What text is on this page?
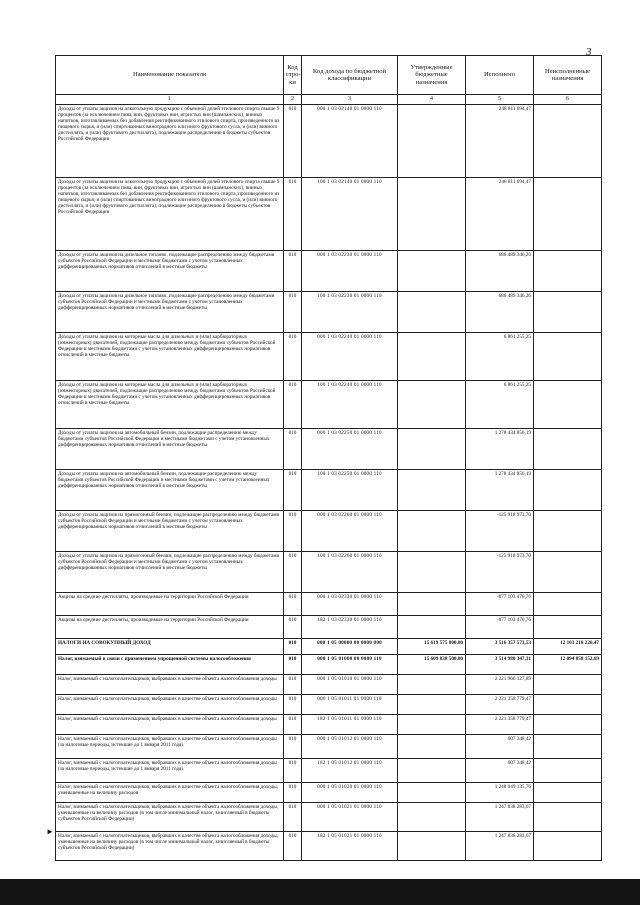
3
Наименование показателя	Код стро- ки	Код дохода по бюджетной классификации	Утвержденные бюджетные назначения	Исполнено	Неисполненные назначения
1	2	3	4	5	6
Доходы от уплаты акцизов на алкогольную продукцию с объемной долей этилового спирта свыше 9 процентов (за исключением пива, вин, фруктовых вин, игристых вин (шампанских), винных напитков, изготавливаемых без добавления ректификованного этилового спирта, произведенного из пищевого сырья, и (или) спиртованных виноградного или иного фруктового сусла, и (или) винного дистиллята, и (или) фруктового дистиллята), подлежащие распределению в бюджеты субъектов Российской Федерации	010	000 1 03 02140 01 0000 110		248 811 694,47	
Доходы от уплаты акцизов на алкогольную продукцию с объемной долей этилового спирта свыше 9 процентов (за исключением пива, вин, фруктовых вин, игристых вин (шампанских), винных напитков, изготавливаемых без добавления ректификованного этилового спирта, произведенного из пищевого сырья, и (или) спиртованных виноградного или иного фруктового сусла, и (или) винного дистиллята, и (или) фруктового дистиллята), подлежащие распределению в бюджеты субъектов Российской Федерации	010	100 1 03 02140 01 0000 110		248 811 694,47	
Доходы от уплаты акцизов на дизельное топливо, подлежащие распределению между бюджетами субъектов Российской Федерации и местными бюджетами с учетом установленных дифференцированных нормативов отчислений в местные бюджеты	010	000 1 03 02230 01 0000 110		686 489 346,26	
Доходы от уплаты акцизов на дизельное топливо, подлежащие распределению между бюджетами субъектов Российской Федерации и местными бюджетами с учетом установленных дифференцированных нормативов отчислений в местные бюджеты	010	100 1 03 02230 01 0000 110		686 489 346,26	
Доходы от уплаты акцизов на моторные масла для дизельных и (или) карбюраторных (инжекторных) двигателей, подлежащие распределению между бюджетами субъектов Российской Федерации и местными бюджетами с учетом установленных дифференцированных нормативов отчислений в местные бюджеты	010	000 1 03 02240 01 0000 110		6 861 255,25	
Доходы от уплаты акцизов на моторные масла для дизельных и (или) карбюраторных (инжекторных) двигателей, подлежащие распределению между бюджетами субъектов Российской Федерации и местными бюджетами с учетом установленных дифференцированных нормативов отчислений в местные бюджеты	010	100 1 03 02240 01 0000 110		6 861 255,25	
Доходы от уплаты акцизов на автомобильный бензин, подлежащие распределению между бюджетами субъектов Российской Федерации и местными бюджетами с учетом установленных дифференцированных нормативов отчислений в местные бюджеты	010	000 1 03 02250 01 0000 110		1 278 434 856,19	
Доходы от уплаты акцизов на автомобильный бензин, подлежащие распределению между бюджетами субъектов Российской Федерации и местными бюджетами с учетом установленных дифференцированных нормативов отчислений в местные бюджеты	010	100 1 03 02250 01 0000 110		1 278 434 856,19	
Доходы от уплаты акцизов на прямогонный бензин, подлежащие распределению между бюджетами субъектов Российской Федерации и местными бюджетами с учетом установленных дифференцированных нормативов отчислений в местные бюджеты	010	000 1 03 02260 01 0000 110		-125 918 973,70	
Доходы от уплаты акцизов на прямогонный бензин, подлежащие распределению между бюджетами субъектов Российской Федерации и местными бюджетами с учетом установленных дифференцированных нормативов отчислений в местные бюджеты	010	100 1 03 02260 01 0000 110		-125 918 973,70	
Акцизы на средние дистилляты, производимые на территории Российской Федерации	010	000 1 03 02330 01 0000 110		-877 103 470,76	
Акцизы на средние дистилляты, производимые на территории Российской Федерации	010	182 1 03 02330 01 0000 110		-877 103 470,76	
НАЛОГИ НА СОВОКУПНЫЙ ДОХОД	010	000 1 05 00000 00 0000 000	15 619 575 800,00	3 516 357 573,53	12 103 218 226,47
Налог, взимаемый в связи с применением упрощенной системы налогообложения	010	000 1 05 01000 00 0000 110	15 609 838 500,00	3 514 980 347,31	12 094 858 152,69
Налог, взимаемый с налогоплательщиков, выбравших в качестве объекта налогообложения доходы	010	000 1 05 01010 01 0000 110		2 221 966 127,89	
Налог, взимаемый с налогоплательщиков, выбравших в качестве объекта налогообложения доходы	010	000 1 05 01011 01 0000 110		2 221 358 779,47	
Налог, взимаемый с налогоплательщиков, выбравших в качестве объекта налогообложения доходы	010	182 1 05 01011 01 0000 110		2 221 358 779,47	
Налог, взимаемый с налогоплательщиков, выбравших в качестве объекта налогообложения доходы (за налоговые периоды, истекшие до 1 января 2011 года)	010	000 1 05 01012 01 0000 110		607 348,42	
Налог, взимаемый с налогоплательщиков, выбравших в качестве объекта налогообложения доходы (за налоговые периоды, истекшие до 1 января 2011 года)	010	182 1 05 01012 01 0000 110		607 348,42	
Налог, взимаемый с налогоплательщиков, выбравших в качестве объекта налогообложения доходы, уменьшенные на величину расходов	010	000 1 05 01020 01 0000 110		1 248 049 135,76	
Налог, взимаемый с налогоплательщиков, выбравших в качестве объекта налогообложения доходы, уменьшенные на величину расходов (в том числе минимальный налог, зачисляемый в бюджеты субъектов Российской Федерации)	010	000 1 05 01021 01 0000 110		1 247 838 283,67	
Налог, взимаемый с налогоплательщиков, выбравших в качестве объекта налогообложения доходы, уменьшенные на величину расходов (в том числе минимальный налог, зачисляемый в бюджеты субъектов Российской Федерации)	010	182 1 05 01021 01 0000 110		1 247 838 283,67	
►
